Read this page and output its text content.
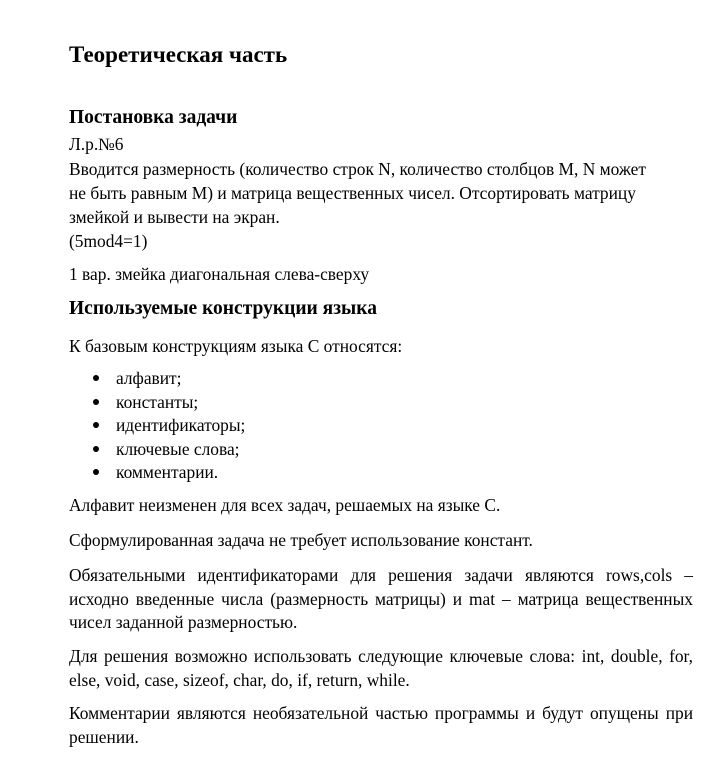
Теоретическая часть
Постановка задачи
Л.р.№6
Вводится размерность (количество строк N, количество столбцов M, N может
не быть равным M) и матрица вещественных чисел. Отсортировать матрицу
змейкой и вывести на экран.
(5mod4=1)
1 вар. змейка диагональная слева-сверху
Используемые конструкции языка
К базовым конструкциям языка С относятся:
алфавит;
константы;
идентификаторы;
ключевые слова;
комментарии.
Алфавит неизменен для всех задач, решаемых на языке С.
Сформулированная задача не требует использование констант.
Обязательными идентификаторами для решения задачи являются rows,cols – исходно введенные числа (размерность матрицы) и mat – матрица вещественных чисел заданной размерностью.
Для решения возможно использовать следующие ключевые слова: int, double, for, else, void, case, sizeof, char, do, if, return, while.
Комментарии являются необязательной частью программы и будут опущены при решении.
